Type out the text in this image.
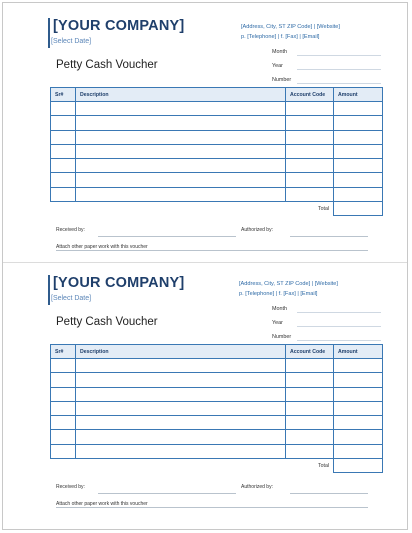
[YOUR COMPANY]
[Select Date]
[Address, City, ST ZIP Code] | [Website]
p. [Telephone] | f. [Fax] | [Email]
Month
Year
Number
Petty Cash Voucher
Sr#	Description	Account Code	Amount

		Total	
Received by:	Authorized by:
Attach other paper work with this voucher
[YOUR COMPANY]
[Select Date]
[Address, City, ST ZIP Code] | [Website]
p. [Telephone] | f. [Fax] | [Email]
Month
Year
Number
Petty Cash Voucher
Sr#	Description	Account Code	Amount

		Total	
Received by:	Authorized by:
Attach other paper work with this voucher
